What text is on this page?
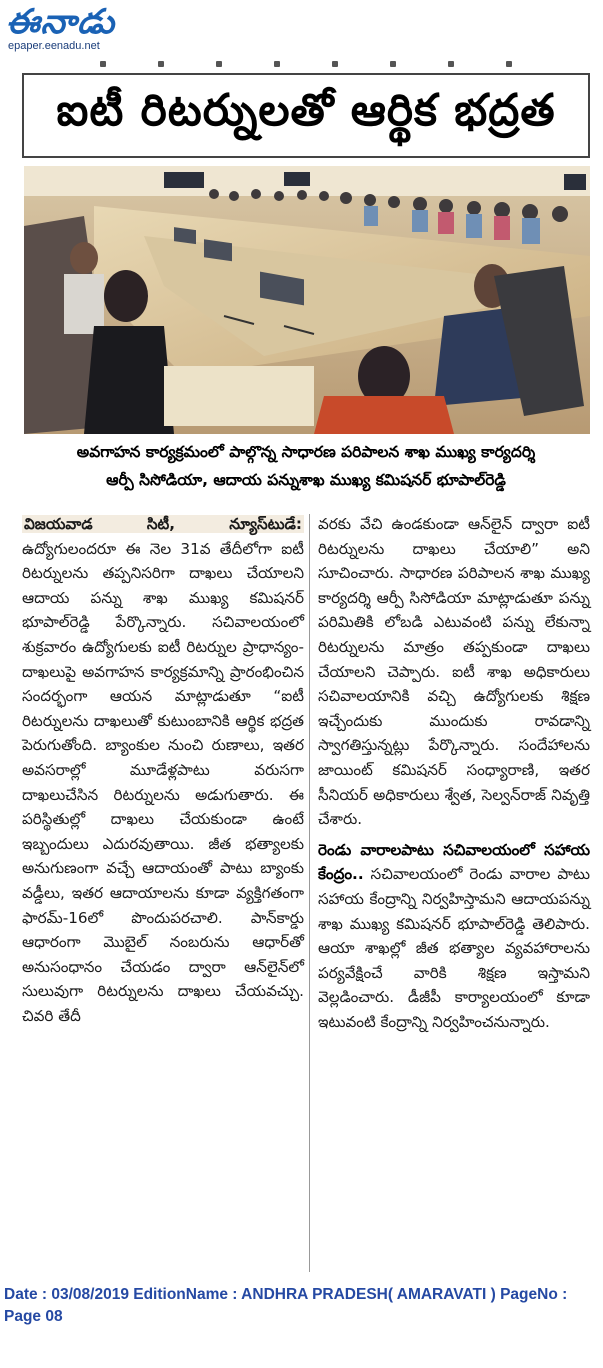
ఈనాడు
epaper.eenadu.net
ఐటీ రిటర్నులతో ఆర్థిక భద్రత
అవగాహన కార్యక్రమంలో పాల్గొన్న సాధారణ పరిపాలన శాఖ ముఖ్య కార్యదర్శి
ఆర్పీ సిసోడియా, ఆదాయ పన్నుశాఖ ముఖ్య కమిషనర్ భూపాల్‌రెడ్డి

విజయవాడ సిటీ, న్యూస్‌టుడే: ఉద్యోగులందరూ ఈ నెల 31వ తేదీలోగా ఐటీ రిటర్నులను తప్పనిసరిగా దాఖలు చేయాలని ఆదాయ పన్ను శాఖ ముఖ్య కమిషనర్ భూపాల్‌రెడ్డి పేర్కొన్నారు. సచివాలయంలో శుక్రవారం ఉద్యోగులకు ఐటీ రిటర్నుల ప్రాధాన్యం-దాఖలుపై అవగాహన కార్యక్రమాన్ని ప్రారంభించిన సందర్భంగా ఆయన మాట్లాడుతూ “ఐటీ రిటర్నులను దాఖలుతో కుటుంబానికి ఆర్థిక భద్రత పెరుగుతోంది. బ్యాంకుల నుంచి రుణాలు, ఇతర అవసరాల్లో మూడేళ్లపాటు వరుసగా దాఖలుచేసిన రిటర్నులను అడుగుతారు. ఈ పరిస్థితుల్లో దాఖలు చేయకుండా ఉంటే ఇబ్బందులు ఎదురవుతాయి. జీత భత్యాలకు అనుగుణంగా వచ్చే ఆదాయంతో పాటు బ్యాంకు వడ్డీలు, ఇతర ఆదాయాలను కూడా వ్యక్తిగతంగా ఫారమ్-16లో పొందుపరచాలి. పాన్‌కార్డు ఆధారంగా మొబైల్ నంబరును ఆధార్‌తో అనుసంధానం చేయడం ద్వారా ఆన్‌లైన్‌లో సులువుగా రిటర్నులను దాఖలు చేయవచ్చు. చివరి తేదీ

వరకు వేచి ఉండకుండా ఆన్‌లైన్ ద్వారా ఐటీ రిటర్నులను దాఖలు చేయాలి” అని సూచించారు. సాధారణ పరిపాలన శాఖ ముఖ్య కార్యదర్శి ఆర్పీ సిసోడియా మాట్లాడుతూ పన్ను పరిమితికి లోబడి ఎటువంటి పన్ను లేకున్నా రిటర్నులను మాత్రం తప్పకుండా దాఖలు చేయాలని చెప్పారు. ఐటీ శాఖ అధికారులు సచివాలయానికి వచ్చి ఉద్యోగులకు శిక్షణ ఇచ్చేందుకు ముందుకు రావడాన్ని స్వాగతిస్తున్నట్లు పేర్కొన్నారు. సందేహాలను జాయింట్ కమిషనర్ సంధ్యారాణి, ఇతర సీనియర్ అధికారులు శ్వేత, సెల్వన్‌రాజ్ నివృత్తి చేశారు.

రెండు వారాలపాటు సచివాలయంలో సహాయ కేంద్రం.. సచివాలయంలో రెండు వారాల పాటు సహాయ కేంద్రాన్ని నిర్వహిస్తామని ఆదాయపన్ను శాఖ ముఖ్య కమిషనర్ భూపాల్‌రెడ్డి తెలిపారు. ఆయా శాఖల్లో జీత భత్యాల వ్యవహారాలను పర్యవేక్షించే వారికి శిక్షణ ఇస్తామని వెల్లడించారు. డీజీపీ కార్యాలయంలో కూడా ఇటువంటి కేంద్రాన్ని నిర్వహించనున్నారు.

Date : 03/08/2019 EditionName : ANDHRA PRADESH( AMARAVATI ) PageNo : Page 08
